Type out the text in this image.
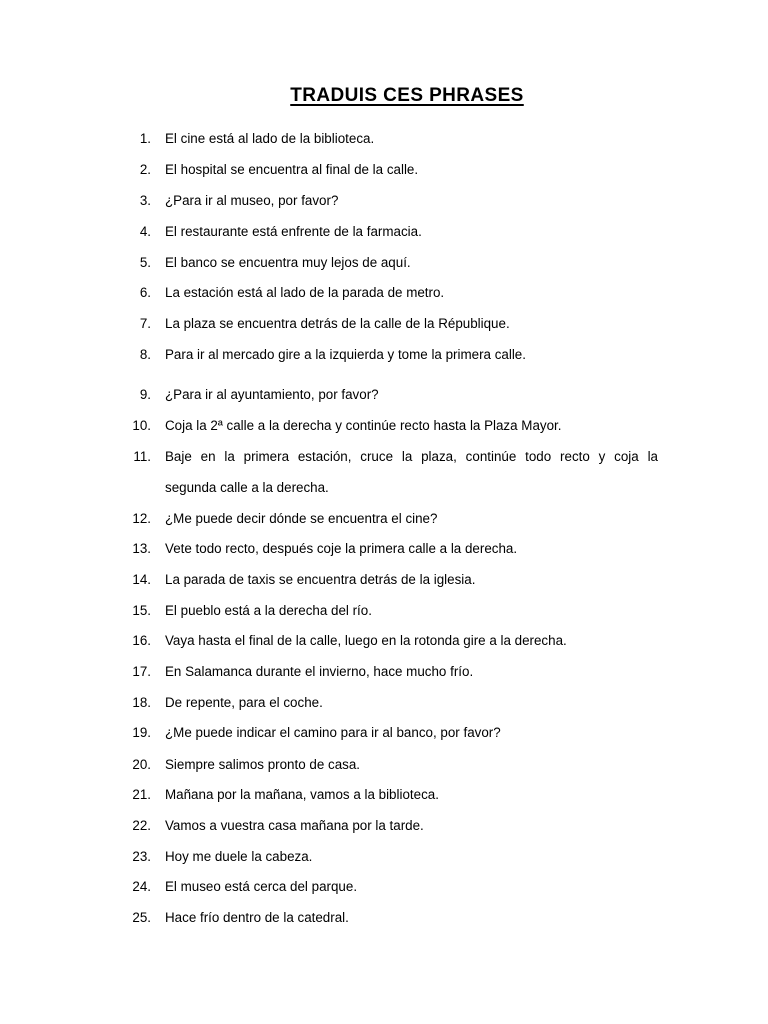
TRADUIS CES PHRASES
1. El cine está al lado de la biblioteca.
2. El hospital se encuentra al final de la calle.
3. ¿Para ir al museo, por favor?
4. El restaurante está enfrente de la farmacia.
5. El banco se encuentra muy lejos de aquí.
6. La estación está al lado de la parada de metro.
7. La plaza se encuentra detrás de la calle de la République.
8. Para ir al mercado gire a la izquierda y tome la primera calle.
9. ¿Para ir al ayuntamiento, por favor?
10. Coja la 2ª calle a la derecha y continúe recto hasta la Plaza Mayor.
11. Baje en la primera estación, cruce la plaza, continúe todo recto y coja la
segunda calle a la derecha.
12. ¿Me puede decir dónde se encuentra el cine?
13. Vete todo recto, después coje la primera calle a la derecha.
14. La parada de taxis se encuentra detrás de la iglesia.
15. El pueblo está a la derecha del río.
16. Vaya hasta el final de la calle, luego en la rotonda gire a la derecha.
17. En Salamanca durante el invierno, hace mucho frío.
18. De repente, para el coche.
19. ¿Me puede indicar el camino para ir al banco, por favor?
20. Siempre salimos pronto de casa.
21. Mañana por la mañana, vamos a la biblioteca.
22. Vamos a vuestra casa mañana por la tarde.
23. Hoy me duele la cabeza.
24. El museo está cerca del parque.
25. Hace frío dentro de la catedral.
